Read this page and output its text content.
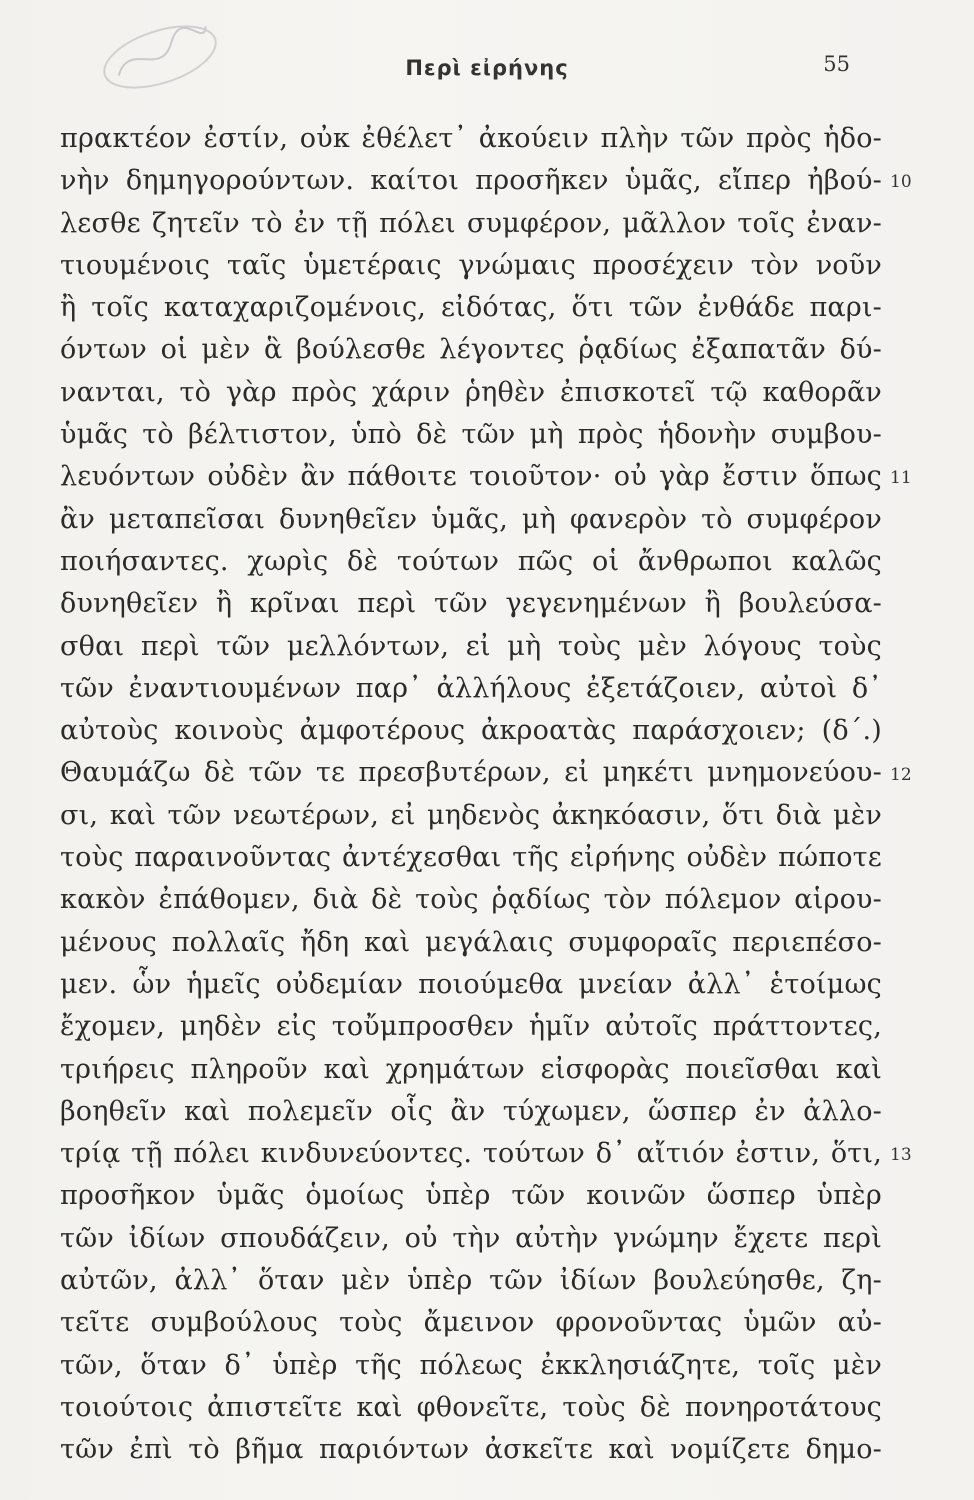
Περὶ εἰρήνης	55
πρακτέον ἐστίν, οὐκ ἐθέλετ᾽ ἀκούειν πλὴν τῶν πρὸς ἡδο-
νὴν δημηγορούντων. καίτοι προσῆκεν ὑμᾶς, εἴπερ ἠβού-
λεσθε ζητεῖν τὸ ἐν τῇ πόλει συμφέρον, μᾶλλον τοῖς ἐναν-
τιουμένοις ταῖς ὑμετέραις γνώμαις προσέχειν τὸν νοῦν
ἢ τοῖς καταχαριζομένοις, εἰδότας, ὅτι τῶν ἐνθάδε παρι-
όντων οἱ μὲν ἃ βούλεσθε λέγοντες ῥᾳδίως ἐξαπατᾶν δύ-
νανται, τὸ γὰρ πρὸς χάριν ῥηθὲν ἐπισκοτεῖ τῷ καθορᾶν
ὑμᾶς τὸ βέλτιστον, ὑπὸ δὲ τῶν μὴ πρὸς ἡδονὴν συμβου-
λευόντων οὐδὲν ἂν πάθοιτε τοιοῦτον· οὐ γὰρ ἔστιν ὅπως
ἂν μεταπεῖσαι δυνηθεῖεν ὑμᾶς, μὴ φανερὸν τὸ συμφέρον
ποιήσαντες. χωρὶς δὲ τούτων πῶς οἱ ἄνθρωποι καλῶς
δυνηθεῖεν ἢ κρῖναι περὶ τῶν γεγενημένων ἢ βουλεύσα-
σθαι περὶ τῶν μελλόντων, εἰ μὴ τοὺς μὲν λόγους τοὺς
τῶν ἐναντιουμένων παρ᾽ ἀλλήλους ἐξετάζοιεν, αὐτοὶ δ᾽
αὐτοὺς κοινοὺς ἀμφοτέρους ἀκροατὰς παράσχοιεν; (δ΄.)
Θαυμάζω δὲ τῶν τε πρεσβυτέρων, εἰ μηκέτι μνημονεύου-
σι, καὶ τῶν νεωτέρων, εἰ μηδενὸς ἀκηκόασιν, ὅτι διὰ μὲν
τοὺς παραινοῦντας ἀντέχεσθαι τῆς εἰρήνης οὐδὲν πώποτε
κακὸν ἐπάθομεν, διὰ δὲ τοὺς ῥᾳδίως τὸν πόλεμον αἱρου-
μένους πολλαῖς ἤδη καὶ μεγάλαις συμφοραῖς περιεπέσο-
μεν. ὧν ἡμεῖς οὐδεμίαν ποιούμεθα μνείαν ἀλλ᾽ ἑτοίμως
ἔχομεν, μηδὲν εἰς τοὔμπροσθεν ἡμῖν αὐτοῖς πράττοντες,
τριήρεις πληροῦν καὶ χρημάτων εἰσφορὰς ποιεῖσθαι καὶ
βοηθεῖν καὶ πολεμεῖν οἷς ἂν τύχωμεν, ὥσπερ ἐν ἀλλο-
τρίᾳ τῇ πόλει κινδυνεύοντες. τούτων δ᾽ αἴτιόν ἐστιν, ὅτι,
προσῆκον ὑμᾶς ὁμοίως ὑπὲρ τῶν κοινῶν ὥσπερ ὑπὲρ
τῶν ἰδίων σπουδάζειν, οὐ τὴν αὐτὴν γνώμην ἔχετε περὶ
αὐτῶν, ἀλλ᾽ ὅταν μὲν ὑπὲρ τῶν ἰδίων βουλεύησθε, ζη-
τεῖτε συμβούλους τοὺς ἄμεινον φρονοῦντας ὑμῶν αὐ-
τῶν, ὅταν δ᾽ ὑπὲρ τῆς πόλεως ἐκκλησιάζητε, τοῖς μὲν
τοιούτοις ἀπιστεῖτε καὶ φθονεῖτε, τοὺς δὲ πονηροτάτους
τῶν ἐπὶ τὸ βῆμα παριόντων ἀσκεῖτε καὶ νομίζετε δημο-
10
11
12
13
